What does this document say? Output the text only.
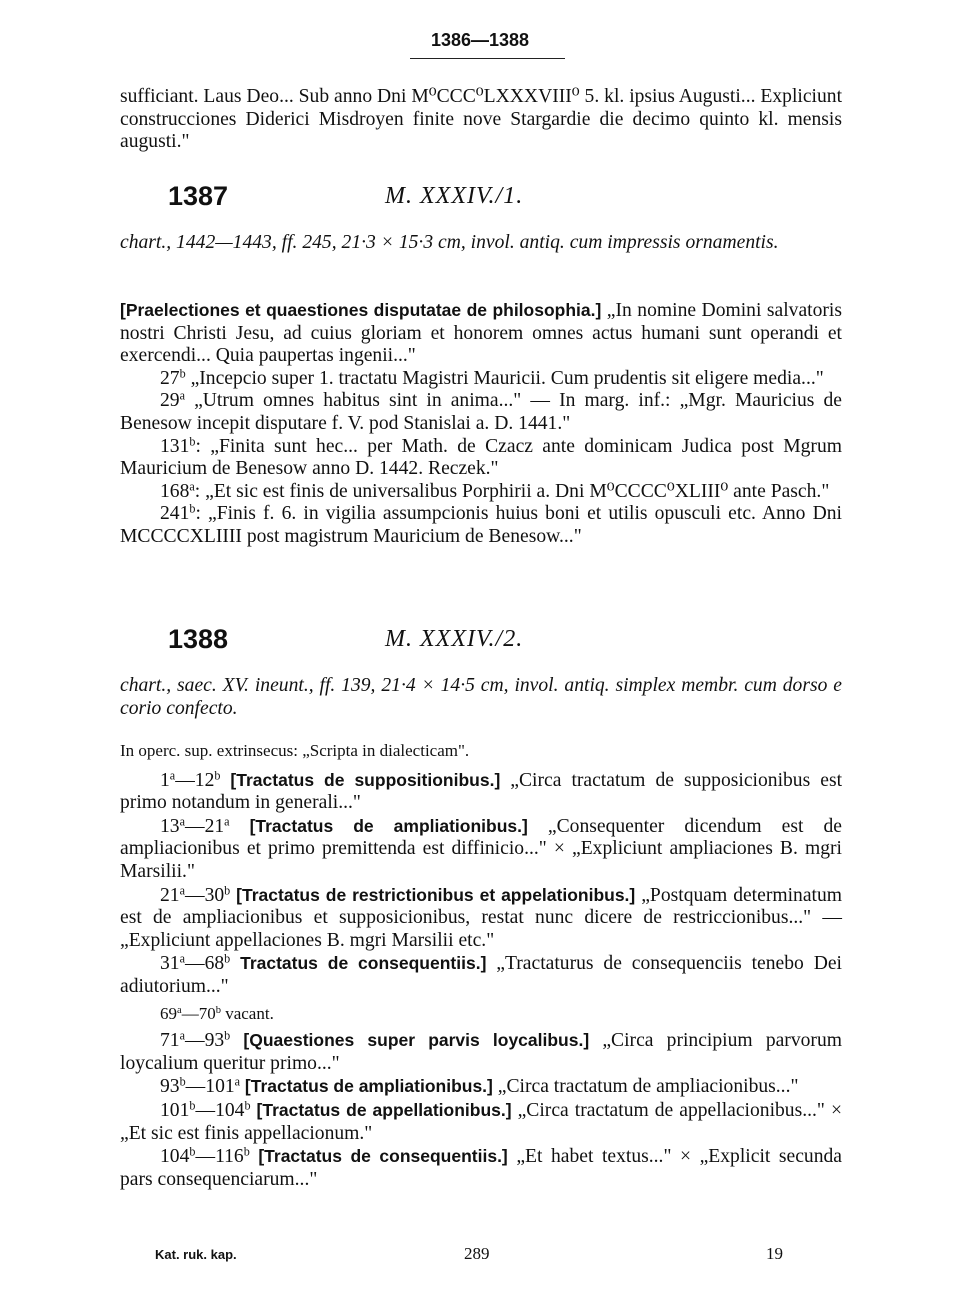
1386—1388

sufficiant. Laus Deo... Sub anno Dni M⁰CCC⁰LXXXVIII⁰ 5. kl. ipsius Augusti... Expliciunt construcciones Diderici Misdroyen finite nove Stargardie die decimo quinto kl. mensis augusti."

1387	M. XXXIV./1.

chart., 1442—1443, ff. 245, 21·3 × 15·3 cm, invol. antiq. cum impressis ornamentis.

[Praelectiones et quaestiones disputatae de philosophia.] „In nomine Domini salvatoris nostri Christi Jesu, ad cuius gloriam et honorem omnes actus humani sunt operandi et exercendi... Quia paupertas ingenii..."

27$^b$ „Incepcio super 1. tractatu Magistri Mauricii. Cum prudentis sit eligere media..."

29$^a$ „Utrum omnes habitus sint in anima..." — In marg. inf.: „Mgr. Mauricius de Benesow incepit disputare f. V. pod Stanislai a. D. 1441."

131$^b$: „Finita sunt hec... per Math. de Czacz ante dominicam Judica post Mgrum Mauricium de Benesow anno D. 1442. Reczek."

168$^a$: „Et sic est finis de universalibus Porphirii a. Dni M⁰CCCC⁰XLIII⁰ ante Pasch."

241$^b$: „Finis f. 6. in vigilia assumpcionis huius boni et utilis opusculi etc. Anno Dni MCCCCXLIIII post magistrum Mauricium de Benesow..."

1388	M. XXXIV./2.

chart., saec. XV. ineunt., ff. 139, 21·4 × 14·5 cm, invol. antiq. simplex membr. cum dorso e corio confecto.

In operc. sup. extrinsecus: „Scripta in dialecticam".

1$^a$—12$^b$ [Tractatus de suppositionibus.] „Circa tractatum de supposicionibus est primo notandum in generali..."

13$^a$—21$^a$ [Tractatus de ampliationibus.] „Consequenter dicendum est de ampliacionibus et primo premittenda est diffinicio..." × „Expliciunt ampliaciones B. mgri Marsilii."

21$^a$—30$^b$ [Tractatus de restrictionibus et appelationibus.] „Postquam determinatum est de ampliacionibus et supposicionibus, restat nunc dicere de restriccionibus..." — „Expliciunt appellaciones B. mgri Marsilii etc."

31$^a$—68$^b$ Tractatus de consequentiis.] „Tractaturus de consequenciis tenebo Dei adiutorium..."

69$^a$—70$^b$ vacant.

71$^a$—93$^b$ [Quaestiones super parvis loycalibus.] „Circa principium parvorum loycalium queritur primo..."

93$^b$—101$^a$ [Tractatus de ampliationibus.] „Circa tractatum de ampliacionibus..."

101$^b$—104$^b$ [Tractatus de appellationibus.] „Circa tractatum de appellacionibus..." × „Et sic est finis appellacionum."

104$^b$—116$^b$ [Tractatus de consequentiis.] „Et habet textus..." × „Explicit secunda pars consequenciarum..."

Kat. ruk. kap.	289	19
